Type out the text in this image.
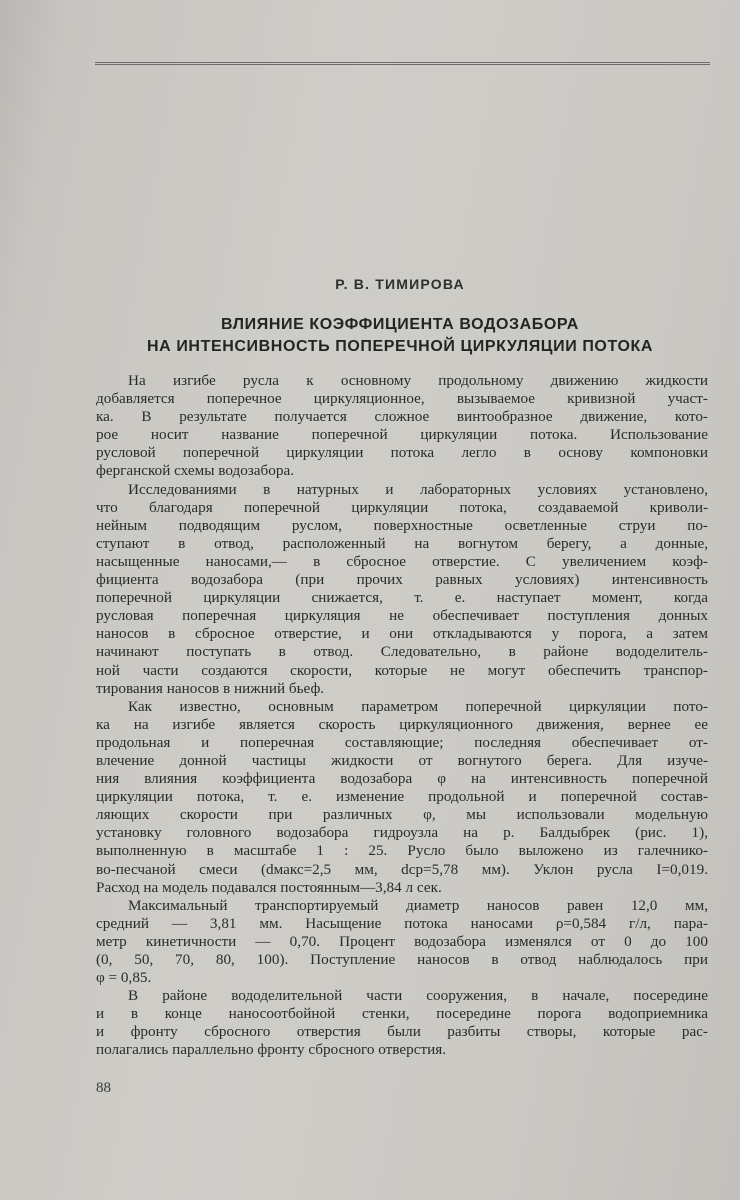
Р. В. ТИМИРОВА
ВЛИЯНИЕ КОЭФФИЦИЕНТА ВОДОЗАБОРА
НА ИНТЕНСИВНОСТЬ ПОПЕРЕЧНОЙ ЦИРКУЛЯЦИИ ПОТОКА
На изгибе русла к основному продольному движению жидкости
добавляется поперечное циркуляционное, вызываемое кривизной участ-
ка. В результате получается сложное винтообразное движение, кото-
рое носит название поперечной циркуляции потока. Использование
русловой поперечной циркуляции потока легло в основу компоновки
ферганской схемы водозабора.
Исследованиями в натурных и лабораторных условиях установлено,
что благодаря поперечной циркуляции потока, создаваемой криволи-
нейным подводящим руслом, поверхностные осветленные струи по-
ступают в отвод, расположенный на вогнутом берегу, а донные,
насыщенные наносами,— в сбросное отверстие. С увеличением коэф-
фициента водозабора (при прочих равных условиях) интенсивность
поперечной циркуляции снижается, т. е. наступает момент, когда
русловая поперечная циркуляция не обеспечивает поступления донных
наносов в сбросное отверстие, и они откладываются у порога, а затем
начинают поступать в отвод. Следовательно, в районе вододелитель-
ной части создаются скорости, которые не могут обеспечить транспор-
тирования наносов в нижний бьеф.
Как известно, основным параметром поперечной циркуляции пото-
ка на изгибе является скорость циркуляционного движения, вернее ее
продольная и поперечная составляющие; последняя обеспечивает от-
влечение донной частицы жидкости от вогнутого берега. Для изуче-
ния влияния коэффициента водозабора φ на интенсивность поперечной
циркуляции потока, т. е. изменение продольной и поперечной состав-
ляющих скорости при различных φ, мы использовали модельную
установку головного водозабора гидроузла на р. Балдыбрек (рис. 1),
выполненную в масштабе 1 : 25. Русло было выложено из галечнико-
во-песчаной смеси (dмакс=2,5 мм, dср=5,78 мм). Уклон русла I=0,019.
Расход на модель подавался постоянным—3,84 л сек.
Максимальный транспортируемый диаметр наносов равен 12,0 мм,
средний — 3,81 мм. Насыщение потока наносами ρ=0,584 г/л, пара-
метр кинетичности — 0,70. Процент водозабора изменялся от 0 до 100
(0, 50, 70, 80, 100). Поступление наносов в отвод наблюдалось при
φ = 0,85.
В районе вододелительной части сооружения, в начале, посередине
и в конце наносоотбойной стенки, посередине порога водоприемника
и фронту сбросного отверстия были разбиты створы, которые рас-
полагались параллельно фронту сбросного отверстия.
88
